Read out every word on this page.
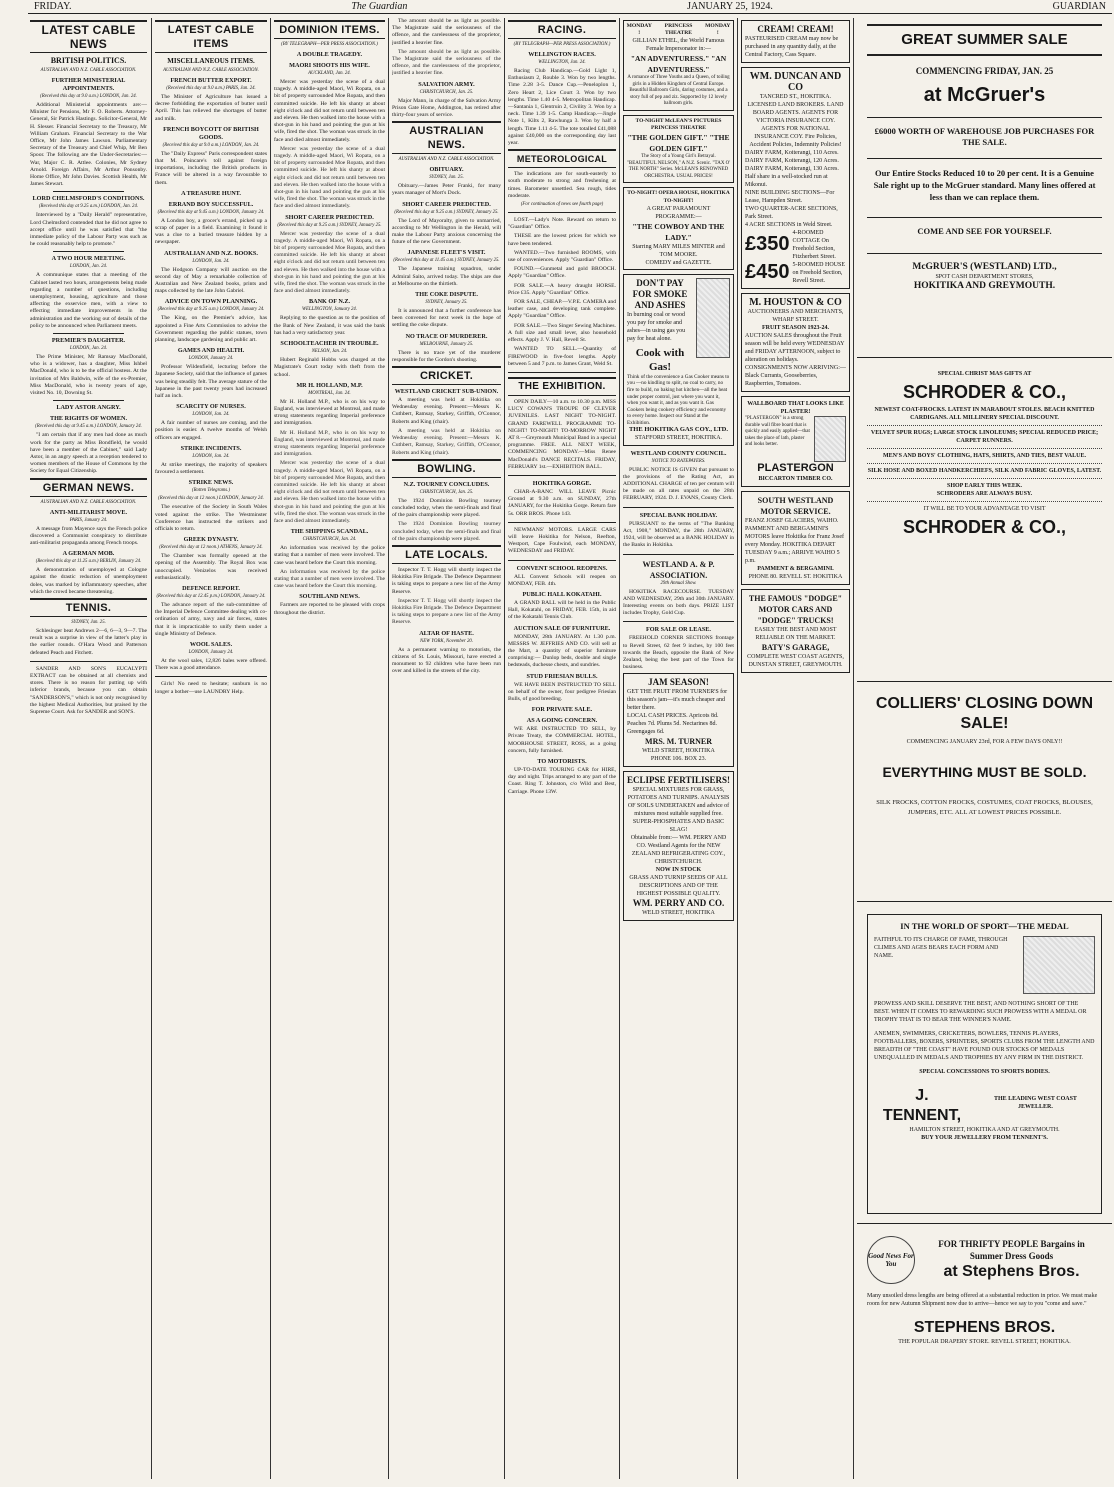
FRIDAY.	The Guardian	JANUARY 25, 1924.	GUARDIAN
LATEST CABLE NEWS
BRITISH POLITICS.
AUSTRALIAN AND N.Z. CABLE ASSOCIATION.
FURTHER MINISTERIAL APPOINTMENTS.
(Received this day at 9.0 a.m.) LONDON, Jan. 24.

Additional Ministerial appointments are:— Minister for Pensions, Mr F. O. Roberts. Attorney-General, Sir Patrick Hastings. Solicitor-General, Mr H. Slesser. Financial Secretary to the Treasury, Mr William Graham. Financial Secretary to the War Office, Mr John James Lawson. Parliamentary Secretary of the Treasury and Chief Whip, Mr Ben Spoor. The following are the Under-Secretaries:— War, Major C. R. Attlee. Colonies, Mr Sydney Arnold. Foreign Affairs, Mr Arthur Ponsonby. Home Office, Mr John Davies. Scottish Health, Mr James Stewart.

LORD CHELMSFORD'S CONDITIONS.
(Received this day at 9.25 a.m.) LONDON, Jan. 24.

Interviewed by a "Daily Herald" representative, Lord Chelmsford contended that he did not agree to accept office until he was satisfied that "the immediate policy of the Labour Party was such as he could reasonably help to promote."

A TWO HOUR MEETING.
LONDON, Jan. 24.

A communique states that a meeting of the Cabinet lasted two hours, arrangements being made regarding a number of questions, including unemployment, housing, agriculture and those affecting the exservice men, with a view to effecting immediate improvements in the administration and the working out of details of the policy to be announced when Parliament meets.

PREMIER'S DAUGHTER.
LONDON, Jan. 24.

The Prime Minister, Mr Ramsay MacDonald, who is a widower, has a daughter, Miss Ishbel MacDonald, who is to be the official hostess. At the invitation of Mrs Baldwin, wife of the ex-Premier, Miss MacDonald, who is twenty years of age, visited No. 10, Downing St.

LADY ASTOR ANGRY.
THE RIGHTS OF WOMEN.
(Received this day at 9.45 a.m.) LONDON, January 24.

"I am certain that if any men had done as much work for the party as Miss Bondfield, he would have been a member of the Cabinet," said Lady Astor, in an angry speech at a reception tendered to women members of the House of Commons by the Society for Equal Citizenship.

GERMAN NEWS.
AUSTRALIAN AND N.Z. CABLE ASSOCIATION.
ANTI-MILITARIST MOVE.
PARIS, January 24.

A message from Mayence says the French police discovered a Communist conspiracy to distribute anti-militarist propaganda among French troops.

A GERMAN MOB.
(Received this day at 11.25 a.m.) BERLIN, January 24.

A demonstration of unemployed at Cologne against the drastic reduction of unemployment doles, was marked by inflammatory speeches, after which the crowd became threatening.

TENNIS.
SYDNEY, Jan. 25.

Schlesinger beat Andrews 2—6, 6—3, 9—7. The result was a surprise in view of the latter's play in the earlier rounds. O'Hara Wood and Patterson defeated Peach and Fitchett.

SANDER AND SON'S EUCALYPTI EXTRACT can be obtained at all chemists and stores. There is no reason for putting up with inferior brands, because you can obtain "SANDERSON'S," which is not only recognised by the highest Medical Authorities, but praised by the Supreme Court. Ask for SANDER and SON'S.

LATEST CABLE ITEMS
MISCELLANEOUS ITEMS.
AUSTRALIAN AND N.Z. CABLE ASSOCIATION.
FRENCH BUTTER EXPORT.
(Received this day at 9.0 a.m.) PARIS, Jan. 24.

The Minister of Agriculture has issued a decree forbidding the exportation of butter until April. This has relieved the shortages of butter and milk.

FRENCH BOYCOTT OF BRITISH GOODS.
(Received this day at 9.0 a.m.) LONDON, Jan. 24.

The "Daily Express" Paris correspondent states that M. Poincare's toll against foreign importations, including the British products in France will be altered in a way favourable to them.

A TREASURE HUNT.
ERRAND BOY SUCCESSFUL.
(Received this day at 9.45 a.m.) LONDON, January 24.

A London boy, a grocer's errand, picked up a scrap of paper in a field. Examining it found it was a clue to a buried treasure hidden by a newspaper.

AUSTRALIAN AND N.Z. BOOKS.
LONDON, Jan. 24.

The Hodgson Company will auction on the second day of May a remarkable collection of Australian and New Zealand books, prints and maps collected by the late John Gabriel.

ADVICE ON TOWN PLANNING.
(Received this day at 9.25 a.m.) LONDON, January 24.

The King, on the Premier's advice, has appointed a Fine Arts Commission to advise the Government regarding the public statues, town planning, landscape gardening and public art.

GAMES AND HEALTH.
LONDON, January 24.

Professor Wildenfield, lecturing before the Japanese Society, said that the influence of games was being steadily felt. The average stature of the Japanese in the past twenty years had increased half an inch.

SCARCITY OF NURSES.
LONDON, Jan. 24.

A fair number of nurses are coming, and the position is easier. A twelve months of Welsh officers are engaged.

STRIKE INCIDENTS.
LONDON, Jan. 24.

At strike meetings, the majority of speakers favoured a settlement.

STRIKE NEWS.
(Rotten Telegrams.)
(Received this day at 12 noon.) LONDON, January 24.

The executive of the Society in South Wales voted against the strike. The Westminster Conference has instructed the strikers and officials to return.

GREEK DYNASTY.
(Received this day at 12 noon.) ATHENS, January 24.

The Chamber was formally opened at the opening of the Assembly. The Royal Box was unoccupied. Venizelos was received enthusiastically.

DEFENCE REPORT.
(Received this day at 12.45 p.m.) LONDON, January 24.

The advance report of the sub-committee of the Imperial Defence Committee dealing with co-ordination of army, navy and air forces, states that it is impracticable to unify them under a single Ministry of Defence.

WOOL SALES.
LONDON, January 24.

At the wool sales, 12,826 bales were offered. There was a good attendance.

Girls! No need to hesitate; sunburn is no longer a bother—use LAUNDRY Help.

DOMINION ITEMS.
(BY TELEGRAPH—PER PRESS ASSOCIATION.)
A DOUBLE TRAGEDY.
MAORI SHOOTS HIS WIFE.
AUCKLAND, Jan. 24.

Mercer was yesterday the scene of a dual tragedy. A middle-aged Maori, Wi Ropata, on a bit of property surrounded Moe Ropata, and then committed suicide. He left his shanty at about eight o'clock and did not return until between ten and eleven. He then walked into the house with a shot-gun in his hand and pointing the gun at his wife, fired the shot. The woman was struck in the face and died almost immediately.

Mercer was yesterday the scene of a dual tragedy. A middle-aged Maori, Wi Ropata, on a bit of property surrounded Moe Ropata, and then committed suicide. He left his shanty at about eight o'clock and did not return until between ten and eleven. He then walked into the house with a shot-gun in his hand and pointing the gun at his wife, fired the shot. The woman was struck in the face and died almost immediately.

SHORT CAREER PREDICTED.
(Received this day at 9.25 a.m.) SYDNEY, January 25.

Mercer was yesterday the scene of a dual tragedy. A middle-aged Maori, Wi Ropata, on a bit of property surrounded Moe Ropata, and then committed suicide. He left his shanty at about eight o'clock and did not return until between ten and eleven. He then walked into the house with a shot-gun in his hand and pointing the gun at his wife, fired the shot. The woman was struck in the face and died almost immediately.

BANK OF N.Z.
WELLINGTON, January 24.

Replying to the question as to the position of the Bank of New Zealand, it was said the bank has had a very satisfactory year.

SCHOOLTEACHER IN TROUBLE.
NELSON, Jan. 24.

Hubert Reginald Hobbs was charged at the Magistrate's Court today with theft from the school.

MR H. HOLLAND, M.P.
MONTREAL, Jan. 24.

Mr H. Holland M.P., who is on his way to England, was interviewed at Montreal, and made strong statements regarding Imperial preference and immigration.

Mr H. Holland M.P., who is on his way to England, was interviewed at Montreal, and made strong statements regarding Imperial preference and immigration.

Mercer was yesterday the scene of a dual tragedy. A middle-aged Maori, Wi Ropata, on a bit of property surrounded Moe Ropata, and then committed suicide. He left his shanty at about eight o'clock and did not return until between ten and eleven. He then walked into the house with a shot-gun in his hand and pointing the gun at his wife, fired the shot. The woman was struck in the face and died almost immediately.

THE SHIPPING SCANDAL.
CHRISTCHURCH, Jan. 24.

An information was received by the police stating that a number of men were involved. The case was heard before the Court this morning.

An information was received by the police stating that a number of men were involved. The case was heard before the Court this morning.

SOUTHLAND NEWS.

Farmers are reported to be pleased with crops throughout the district.

The amount should be as light as possible. The Magistrate said the seriousness of the offence, and the carelessness of the proprietor, justified a heavier fine.

The amount should be as light as possible. The Magistrate said the seriousness of the offence, and the carelessness of the proprietor, justified a heavier fine.

SALVATION ARMY.
CHRISTCHURCH, Jan. 25.

Major Mann, in charge of the Salvation Army Prison Gate Home, Addington, has retired after thirty-four years of service.

AUSTRALIAN NEWS.
AUSTRALIAN AND N.Z. CABLE ASSOCIATION.
OBITUARY.
SYDNEY, Jan. 25.

Obituary.—James Peter Franki, for many years manager of Mort's Dock.

SHORT CAREER PREDICTED.
(Received this day at 9.25 a.m.) SYDNEY, January 25.

The Lord of Mayoralty, given to unmarried, according to Mr Wellington in the Herald, will make the Labour Party anxious concerning the future of the new Government.

JAPANESE FLEET'S VISIT.
(Received this day at 11.45 a.m.) SYDNEY, January 25.

The Japanese training squadron, under Admiral Saito, arrived today. The ships are due at Melbourne on the thirtieth.

THE COKE DISPUTE.
SYDNEY, January 25.

It is announced that a further conference has been convened for next week in the hope of settling the coke dispute.

NO TRACE OF MURDERER.
MELBOURNE, January 25.

There is no trace yet of the murderer responsible for the Gordon's shooting.

CRICKET.
WESTLAND CRICKET SUB-UNION.

A meeting was held at Hokitika on Wednesday evening. Present:—Messrs K. Cuthbert, Ramsay, Starkey, Griffith, O'Connor, Roberts and King (chair).

A meeting was held at Hokitika on Wednesday evening. Present:—Messrs K. Cuthbert, Ramsay, Starkey, Griffith, O'Connor, Roberts and King (chair).

BOWLING.
N.Z. TOURNEY CONCLUDES.
CHRISTCHURCH, Jan. 25.

The 1924 Dominion Bowling tourney concluded today, when the semi-finals and final of the pairs championship were played.

The 1924 Dominion Bowling tourney concluded today, when the semi-finals and final of the pairs championship were played.

LATE LOCALS.

Inspector T. T. Hogg will shortly inspect the Hokitika Fire Brigade. The Defence Department is taking steps to prepare a new list of the Army Reserve.

Inspector T. T. Hogg will shortly inspect the Hokitika Fire Brigade. The Defence Department is taking steps to prepare a new list of the Army Reserve.

ALTAR OF HASTE.
NEW YORK, November 20.

As a permanent warning to motorists, the citizens of St. Louis, Missouri, have erected a monument to 92 children who have been run over and killed in the streets of the city.

RACING.
(BY TELEGRAPH—PER PRESS ASSOCIATION.)
WELLINGTON RACES.
WELLINGTON, Jan. 24.

Racing Club Handicap.—Gold Light 1, Enthusiasm 2, Rouble 3. Won by two lengths. Time 2.28 3-5. Dance Cup.—Peneloplon 1, Zero Heart 2, Lice Court 3. Won by two lengths. Time 1.40 4-5. Metropolitan Handicap.—Santania 1, Glentruin 2, Civility 3. Won by a neck. Time 1.39 1-5. Camp Handicap.—Jingle Note 1, Kilts 2, Rawhunga 3. Won by half a length. Time 1.11 4-5. The tote totalled £41,088 against £40,000 on the corresponding day last year.

METEOROLOGICAL

The indications are for south-easterly to south moderate to strong and freshening at times. Barometer unsettled. Sea rough, tides moderate.

(For continuation of news see fourth page)

LOST.—Lady's Note. Reward on return to "Guardian" Office.

THESE are the lowest prices for which we have been tendered.

WANTED.—Two furnished ROOMS, with use of conveniences. Apply "Guardian" Office.

FOUND.—Gunmetal and gold BROOCH. Apply "Guardian" Office.

FOR SALE.—A heavy draught HORSE. Price £35. Apply "Guardian" Office.

FOR SALE, CHEAP.—V.P.E. CAMERA and leather case, and developing tank complete. Apply "Guardian" Office.

FOR SALE.—Two Singer Sewing Machines. A full size and small lever, also household effects. Apply J. V. Hall, Revell St.

WANTED TO SELL.—Quantity of FIREWOOD in five-foot lengths. Apply between 5 and 7 p.m. to James Grant, Weld St.

THE EXHIBITION.

OPEN DAILY—10 a.m. to 10.30 p.m. MISS LUCY COWAN'S TROUPE OF CLEVER JUVENILES. LAST NIGHT TO-NIGHT. GRAND FAREWELL PROGRAMME TO-NIGHT! TO-NIGHT! TO-MORROW NIGHT AT 8.—Greymouth Municipal Band in a special programme. FREE. ALL NEXT WEEK, COMMENCING MONDAY.—Miss Renee MacDonald's DANCE RECITALS. FRIDAY, FEBRUARY 1st.—EXHIBITION BALL.

HOKITIKA GORGE.

CHAR-A-BANC WILL LEAVE Picnic Ground at 9.30 a.m. on SUNDAY, 27th JANUARY, for the Hokitika Gorge. Return fare 5s. ORR BROS. Phone 143.

NEWMANS' MOTORS. LARGE CARS will leave Hokitika for Nelson, Reefton, Westport, Cape Foulwind, each MONDAY, WEDNESDAY and FRIDAY.

CONVENT SCHOOL REOPENS.

ALL Convent Schools will reopen on MONDAY, FEB. 4th.

PUBLIC HALL KOKATAHI.

A GRAND BALL will be held in the Public Hall, Kokatahi, on FRIDAY, FEB. 15th, in aid of the Kokatahi Tennis Club.

AUCTION SALE OF FURNITURE.

MONDAY, 28th JANUARY. At 1.30 p.m. MESSRS W. JEFFRIES AND CO. will sell at the Mart, a quantity of superior furniture comprising:— Dunlop beds, double and single bedsteads, duchesse chests, and sundries.

STUD FRIESIAN BULLS.

WE HAVE BEEN INSTRUCTED TO SELL on behalf of the owner, four pedigree Friesian Bulls, of good breeding.

FOR PRIVATE SALE.
AS A GOING CONCERN.

WE ARE INSTRUCTED TO SELL, by Private Treaty, the COMMERCIAL HOTEL, MOORHOUSE STREET, ROSS, as a going concern, fully furnished.

TO MOTORISTS.

UP-TO-DATE TOURING CAR for HIRE, day and night. Trips arranged to any part of the Coast. Ring T. Johnston, c/o Wild and Best, Carriage. Phone 13W.

MONDAY !
PRINCESS THEATRE
MONDAY !
GILLIAN ETHEL, the World Famous Female Impersonator in:—
"AN ADVENTURESS." "AN ADVENTURESS."
A romance of Three Youths and a Queen, of toiling girls in a Hidden Kingdom of Central Europe. Beautiful Ballroom Girls, daring costumes, and a story full of pep and ziz. Supported by 12 lovely ballroom girls.
TO-NIGHT McLEAN'S PICTURES PRINCESS THEATRE
"THE GOLDEN GIFT." "THE GOLDEN GIFT."
The Story of a Young Girl's Betrayal. "BEAUTIFUL NELSON," A N.Z. Scenic. "TAX O' THE NORTH" Series. McLEAN'S RENOWNED ORCHESTRA. USUAL PRICES!
TO-NIGHT! OPERA HOUSE, HOKITIKA TO-NIGHT!
A GREAT PARAMOUNT PROGRAMME:—
"THE COWBOY AND THE LADY."
Starring MARY MILES MINTER and TOM MOORE.
COMEDY and GAZETTE.
DON'T PAY FOR SMOKE AND ASHES
In burning coal or wood you pay for smoke and ashes—in using gas you pay for heat alone.
Cook with Gas!
Think of the convenience a Gas Cooker means to you —no kindling to split, no coal to carry, no fire to build, no baking hot kitchen—all the heat under proper control, just where you want it, when you want it, and as you want it. Gas Cookers being cookery efficiency and economy to every home. Inspect our Stand at the Exhibition.
THE HOKITIKA GAS COY., LTD.
STAFFORD STREET, HOKITIKA.
WESTLAND COUNTY COUNCIL.
NOTICE TO RATEPAYERS.

PUBLIC NOTICE IS GIVEN that pursuant to the provisions of the Rating Act, an ADDITIONAL CHARGE of ten per centum will be made on all rates unpaid on the 28th FEBRUARY, 1924. D. J. EVANS, County Clerk.

SPECIAL BANK HOLIDAY.

PURSUANT to the terms of "The Banking Act, 1908," MONDAY, the 28th JANUARY, 1924, will be observed as a BANK HOLIDAY in the Banks in Hokitika.

WESTLAND A. & P. ASSOCIATION.
29th Annual Show.

HOKITIKA RACECOURSE. TUESDAY AND WEDNESDAY, 29th and 30th JANUARY. Interesting events on both days. PRIZE LIST includes Trophy, Gold Cup.

FOR SALE OR LEASE.

FREEHOLD CORNER SECTIONS frontage to Revell Street, 62 feet 9 inches, by 100 feet towards the Beach, opposite the Bank of New Zealand, being the best part of the Town for business.

JAM SEASON!
GET THE FRUIT FROM TURNER'S for this season's jam—it's much cheaper and better there.
LOCAL CASH PRICES. Apricots 8d. Peaches 7d. Plums 5d. Nectarines 8d. Greengages 6d.
MRS. M. TURNER
WELD STREET, HOKITIKA
PHONE 106. BOX 23.
ECLIPSE FERTILISERS!
SPECIAL MIXTURES FOR GRASS, POTATOES AND TURNIPS. ANALYSIS OF SOILS UNDERTAKEN and advice of mixtures most suitable supplied free. SUPER-PHOSPHATES AND BASIC SLAG!
Obtainable from:— WM. PERRY AND CO. Westland Agents for the NEW ZEALAND REFRIGERATING COY., CHRISTCHURCH.
NOW IN STOCK
GRASS AND TURNIP SEEDS OF ALL DESCRIPTIONS AND OF THE HIGHEST POSSIBLE QUALITY.
WM. PERRY AND CO.
WELD STREET, HOKITIKA
CREAM! CREAM!
PASTEURISED CREAM may now be purchased in any quantity daily, at the Central Factory, Cass Square.
WM. DUNCAN AND CO
TANCRED ST., HOKITIKA.
LICENSED LAND BROKERS. LAND BOARD AGENTS. AGENTS FOR VICTORIA INSURANCE COY. AGENTS FOR NATIONAL INSURANCE COY. Fire Policies, Accident Policies, Indemnity Policies!
DAIRY FARM, Koiterangi, 110 Acres. DAIRY FARM, Koiterangi, 120 Acres. DAIRY FARM, Koiterangi, 130 Acres. Half share in a well-stocked run at Mikonui.
NINE BUILDING SECTIONS—For Lease, Hampden Street.
TWO QUARTER-ACRE SECTIONS, Park Street.
4 ACRE SECTIONS in Weld Street.
£350
4-ROOMED COTTAGE On Freehold Section, Fitzherbert Street.
£450 5-ROOMED HOUSE on Freehold Section, Revell Street.
M. HOUSTON & CO
AUCTIONEERS AND MERCHANTS,
WHARF STREET.
FRUIT SEASON 1923-24.
AUCTION SALES throughout the Fruit season will be held every WEDNESDAY and FRIDAY AFTERNOON, subject to alteration on holidays. CONSIGNMENTS NOW ARRIVING:— Black Currants, Gooseberries, Raspberries, Tomatoes.
WALLBOARD THAT LOOKS LIKE PLASTER!
"PLASTERGON" is a strong durable wall fibre board that is quickly and easily applied—that takes the place of lath, plaster and looks better.
PLASTERGON
BICCARTON TIMBER CO.
SOUTH WESTLAND MOTOR SERVICE.
FRANZ JOSEF GLACIERS, WAIHO. PAMMENT AND BERGAMINI'S MOTORS leave Hokitika for Franz Josef every Monday. HOKITIKA DEPART TUESDAY 9 a.m.; ARRIVE WAIHO 5 p.m.
PAMMENT & BERGAMINI.
PHONE 80. REVELL ST. HOKITIKA
THE FAMOUS "DODGE" MOTOR CARS AND "DODGE" TRUCKS!
EASILY THE BEST AND MOST RELIABLE ON THE MARKET.
BATY'S GARAGE,
COMPLETE WEST COAST AGENTS, DUNSTAN STREET, GREYMOUTH.
GREAT SUMMER SALE
COMMENCING FRIDAY, JAN. 25
at McGruer's
£6000 WORTH OF WAREHOUSE JOB PURCHASES FOR THE SALE.
Our Entire Stocks Reduced 10 to 20 per cent. It is a Genuine Sale right up to the McGruer standard. Many lines offered at less than we can replace them.
COME AND SEE FOR YOURSELF.
McGRUER'S (WESTLAND) LTD.,
SPOT CASH DEPARTMENT STORES,
HOKITIKA AND GREYMOUTH.
SPECIAL CHRIST MAS GIFTS AT
SCHRODER & CO.,
NEWEST COAT-FROCKS. LATEST IN MARABOUT STOLES. BEACH KNITTED CARDIGANS. ALL MILLINERY SPECIAL DISCOUNT.
VELVET SPUR RUGS; LARGE STOCK LINOLEUMS; SPECIAL REDUCED PRICE; CARPET RUNNERS.
MEN'S AND BOYS' CLOTHING, HATS, SHIRTS, AND TIES, BEST VALUE.
SILK HOSE AND BOXED HANDKERCHIEFS, SILK AND FABRIC GLOVES, LATEST.
SHOP EARLY THIS WEEK.
SCHRODERS ARE ALWAYS BUSY.
IT WILL BE TO YOUR ADVANTAGE TO VISIT
SCHRODER & CO.,
COLLIERS' CLOSING DOWN SALE!
COMMENCING JANUARY 23rd, FOR A FEW DAYS ONLY!!
EVERYTHING MUST BE SOLD.
SILK FROCKS, COTTON FROCKS, COSTUMES, COAT FROCKS, BLOUSES, JUMPERS, ETC. ALL AT LOWEST PRICES POSSIBLE.
IN THE WORLD OF SPORT—THE MEDAL
FAITHFUL TO ITS CHARGE OF FAME, THROUGH CLIMES AND AGES BEARS EACH FORM AND NAME.
PROWESS AND SKILL DESERVE THE BEST, AND NOTHING SHORT OF THE BEST. WHEN IT COMES TO REWARDING SUCH PROWESS WITH A MEDAL OR TROPHY THAT IS TO BEAR THE WINNER'S NAME.
ANEMEN, SWIMMERS, CRICKETERS, BOWLERS, TENNIS PLAYERS, FOOTBALLERS, BOXERS, SPRINTERS, SPORTS CLUBS FROM THE LENGTH AND BREADTH OF "THE COAST" HAVE FOUND OUR STOCKS OF MEDALS UNEQUALLED IN MEDALS AND TROPHIES BY ANY FIRM IN THE DISTRICT.
SPECIAL CONCESSIONS TO SPORTS BODIES.
J. TENNENT,
THE LEADING WEST COAST JEWELLER.
HAMILTON STREET, HOKITIKA AND AT GREYMOUTH.
BUY YOUR JEWELLERY FROM TENNENT'S.
Good News For You
FOR THRIFTY PEOPLE Bargains in Summer Dress Goods
at Stephens Bros.
Many unsoiled dress lengths are being offered at a substantial reduction in price. We must make room for new Autumn Shipment now due to arrive—hence we say to you "come and save."
STEPHENS BROS.
THE POPULAR DRAPERY STORE. REVELL STREET, HOKITIKA.
